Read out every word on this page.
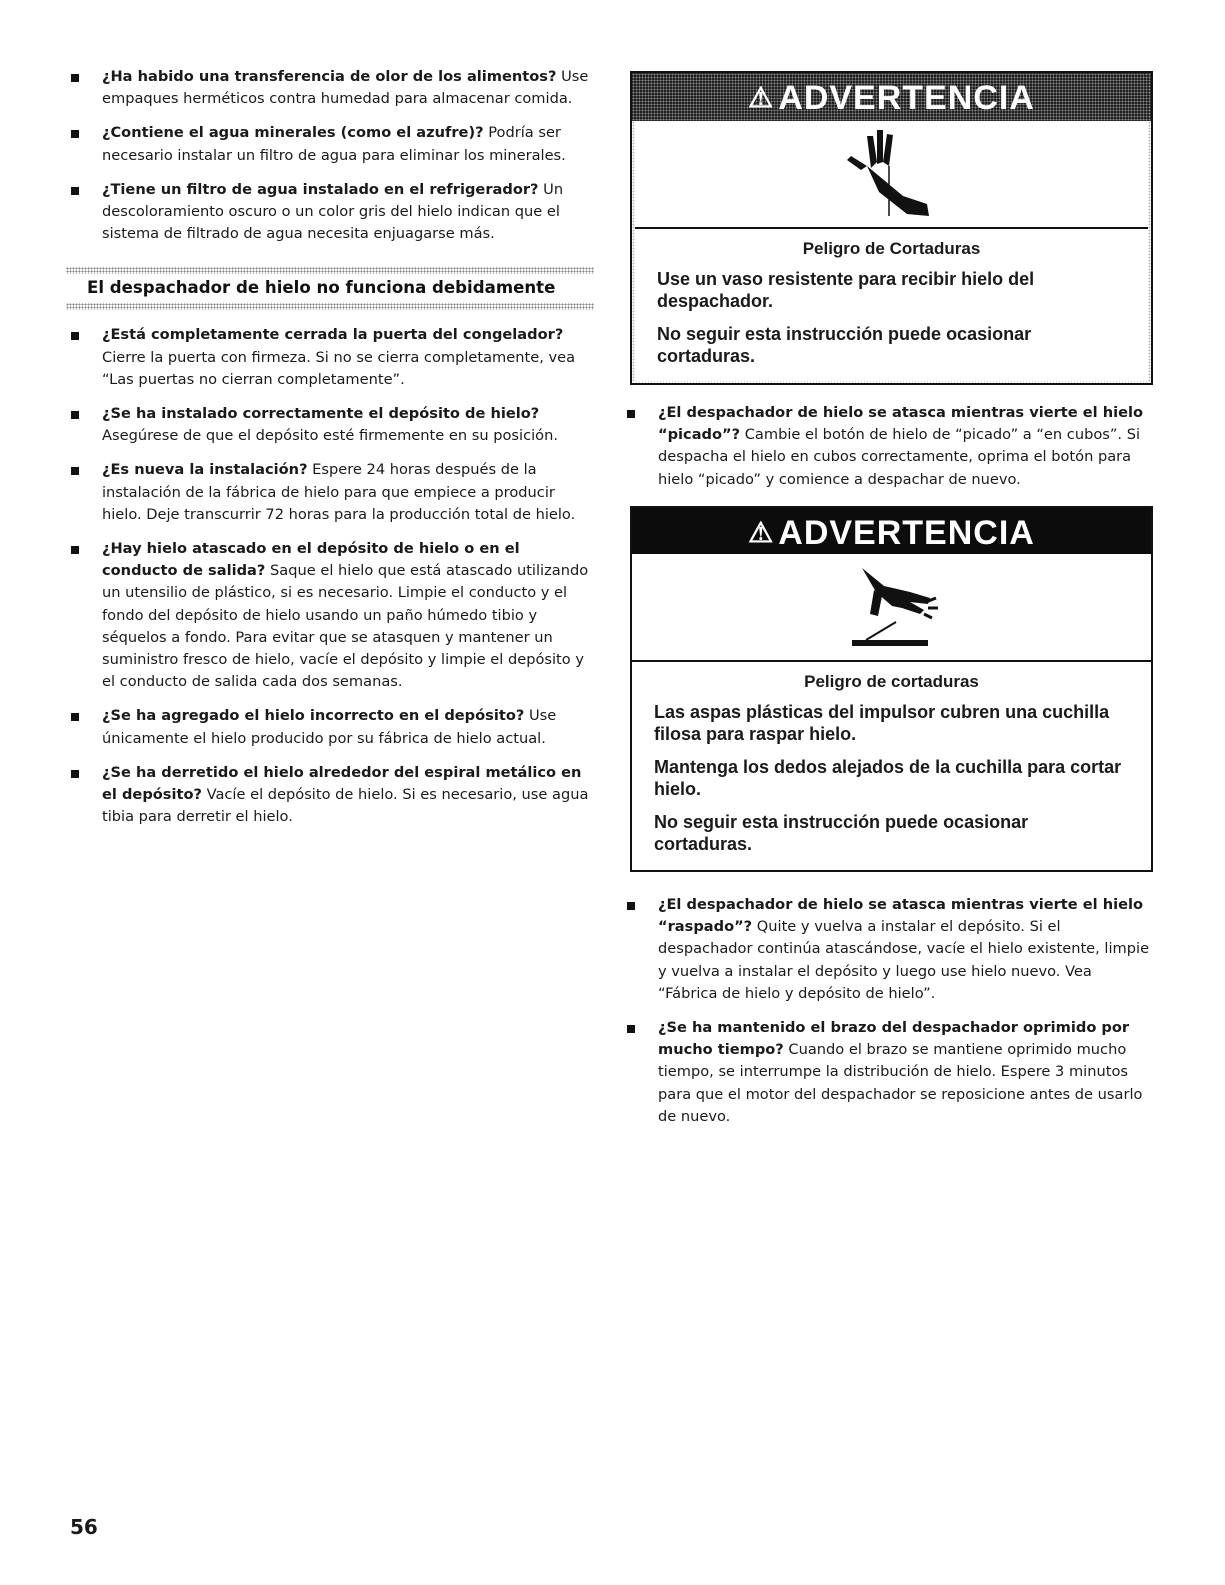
¿Ha habido una transferencia de olor de los alimentos? Use empaques herméticos contra humedad para almacenar comida.
¿Contiene el agua minerales (como el azufre)? Podría ser necesario instalar un filtro de agua para eliminar los minerales.
¿Tiene un filtro de agua instalado en el refrigerador? Un descoloramiento oscuro o un color gris del hielo indican que el sistema de filtrado de agua necesita enjuagarse más.
El despachador de hielo no funciona debidamente
¿Está completamente cerrada la puerta del congelador? Cierre la puerta con firmeza. Si no se cierra completamente, vea “Las puertas no cierran completamente”.
¿Se ha instalado correctamente el depósito de hielo? Asegúrese de que el depósito esté firmemente en su posición.
¿Es nueva la instalación? Espere 24 horas después de la instalación de la fábrica de hielo para que empiece a producir hielo. Deje transcurrir 72 horas para la producción total de hielo.
¿Hay hielo atascado en el depósito de hielo o en el conducto de salida? Saque el hielo que está atascado utilizando un utensilio de plástico, si es necesario. Limpie el conducto y el fondo del depósito de hielo usando un paño húmedo tibio y séquelos a fondo. Para evitar que se atasquen y mantener un suministro fresco de hielo, vacíe el depósito y limpie el depósito y el conducto de salida cada dos semanas.
¿Se ha agregado el hielo incorrecto en el depósito? Use únicamente el hielo producido por su fábrica de hielo actual.
¿Se ha derretido el hielo alrededor del espiral metálico en el depósito? Vacíe el depósito de hielo. Si es necesario, use agua tibia para derretir el hielo.
⚠ ADVERTENCIA

Peligro de Cortaduras

Use un vaso resistente para recibir hielo del despachador.

No seguir esta instrucción puede ocasionar cortaduras.

¿El despachador de hielo se atasca mientras vierte el hielo “picado”? Cambie el botón de hielo de “picado” a “en cubos”. Si despacha el hielo en cubos correctamente, oprima el botón para hielo “picado” y comience a despachar de nuevo.
⚠ ADVERTENCIA

Peligro de cortaduras

Las aspas plásticas del impulsor cubren una cuchilla filosa para raspar hielo.

Mantenga los dedos alejados de la cuchilla para cortar hielo.

No seguir esta instrucción puede ocasionar cortaduras.

¿El despachador de hielo se atasca mientras vierte el hielo “raspado”? Quite y vuelva a instalar el depósito. Si el despachador continúa atascándose, vacíe el hielo existente, limpie y vuelva a instalar el depósito y luego use hielo nuevo. Vea “Fábrica de hielo y depósito de hielo”.
¿Se ha mantenido el brazo del despachador oprimido por mucho tiempo? Cuando el brazo se mantiene oprimido mucho tiempo, se interrumpe la distribución de hielo. Espere 3 minutos para que el motor del despachador se reposicione antes de usarlo de nuevo.
56
